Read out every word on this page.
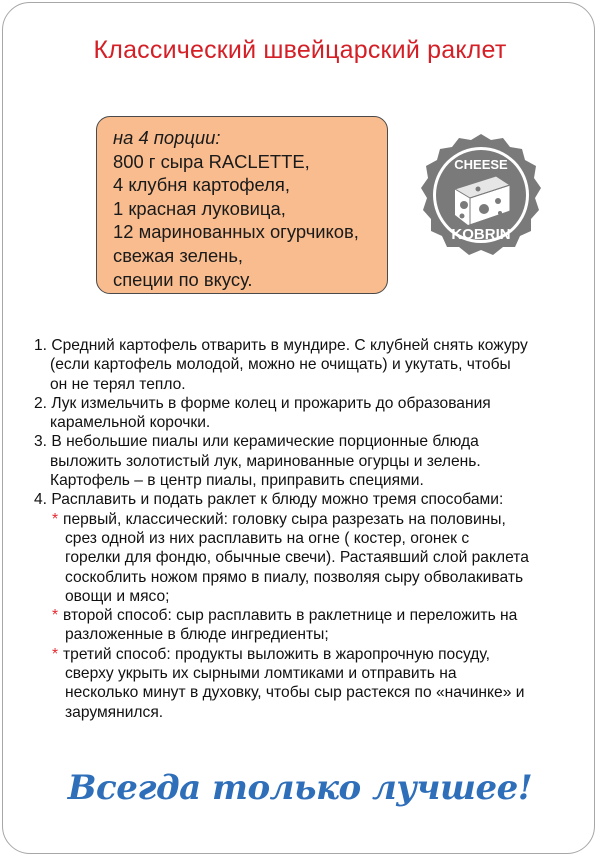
Классический швейцарский раклет
на 4 порции:
800 г сыра RACLETTE,
4 клубня картофеля,
1 красная луковица,
12 маринованных огурчиков,
свежая зелень,
специи по вкусу.
CHEESE
KOBRIN
1. Средний картофель отварить в мундире. С клубней снять кожуру
(если картофель молодой, можно не очищать) и укутать, чтобы
он не терял тепло.
2. Лук измельчить в форме колец и прожарить до образования
карамельной корочки.
3. В небольшие пиалы или керамические порционные блюда
выложить золотистый лук, маринованные огурцы и зелень.
Картофель – в центр пиалы, приправить специями.
4. Расплавить и подать раклет к блюду можно тремя способами:
* первый, классический: головку сыра разрезать на половины,
срез одной из них расплавить на огне ( костер, огонек с
горелки для фондю, обычные свечи). Растаявший слой раклета
соскоблить ножом прямо в пиалу, позволяя сыру обволакивать
овощи и мясо;
* второй способ: сыр расплавить в раклетнице и переложить на
разложенные в блюде ингредиенты;
* третий способ: продукты выложить в жаропрочную посуду,
сверху укрыть их сырными ломтиками и отправить на
несколько минут в духовку, чтобы сыр растекся по «начинке» и
зарумянился.
Всегда только лучшее!
